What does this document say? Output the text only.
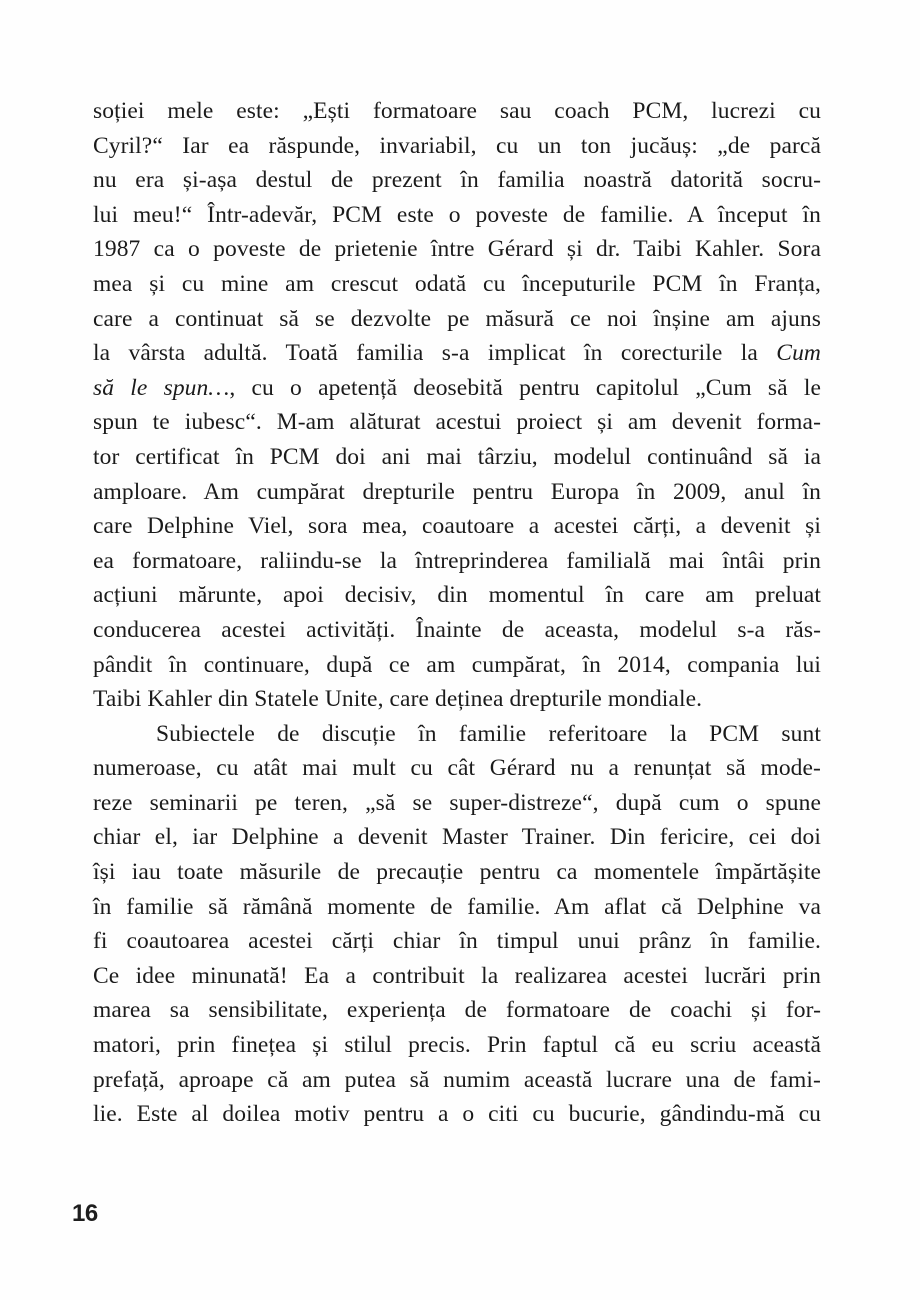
soției mele este: „Ești formatoare sau coach PCM, lucrezi cu
Cyril?“ Iar ea răspunde, invariabil, cu un ton jucăuș: „de parcă
nu era și-așa destul de prezent în familia noastră datorită socru-
lui meu!“ Într-adevăr, PCM este o poveste de familie. A început în
1987 ca o poveste de prietenie între Gérard și dr. Taibi Kahler. Sora
mea și cu mine am crescut odată cu începuturile PCM în Franța,
care a continuat să se dezvolte pe măsură ce noi înșine am ajuns
la vârsta adultă. Toată familia s-a implicat în corecturile la Cum
să le spun…, cu o apetență deosebită pentru capitolul „Cum să le
spun te iubesc“. M-am alăturat acestui proiect și am devenit forma-
tor certificat în PCM doi ani mai târziu, modelul continuând să ia
amploare. Am cumpărat drepturile pentru Europa în 2009, anul în
care Delphine Viel, sora mea, coautoare a acestei cărți, a devenit și
ea formatoare, raliindu-se la întreprinderea familială mai întâi prin
acțiuni mărunte, apoi decisiv, din momentul în care am preluat
conducerea acestei activități. Înainte de aceasta, modelul s-a răs-
pândit în continuare, după ce am cumpărat, în 2014, compania lui
Taibi Kahler din Statele Unite, care deținea drepturile mondiale.
Subiectele de discuție în familie referitoare la PCM sunt
numeroase, cu atât mai mult cu cât Gérard nu a renunțat să mode-
reze seminarii pe teren, „să se super-distreze“, după cum o spune
chiar el, iar Delphine a devenit Master Trainer. Din fericire, cei doi
își iau toate măsurile de precauție pentru ca momentele împărtășite
în familie să rămână momente de familie. Am aflat că Delphine va
fi coautoarea acestei cărți chiar în timpul unui prânz în familie.
Ce idee minunată! Ea a contribuit la realizarea acestei lucrări prin
marea sa sensibilitate, experiența de formatoare de coachi și for-
matori, prin finețea și stilul precis. Prin faptul că eu scriu această
prefață, aproape că am putea să numim această lucrare una de fami-
lie. Este al doilea motiv pentru a o citi cu bucurie, gândindu-mă cu
16
